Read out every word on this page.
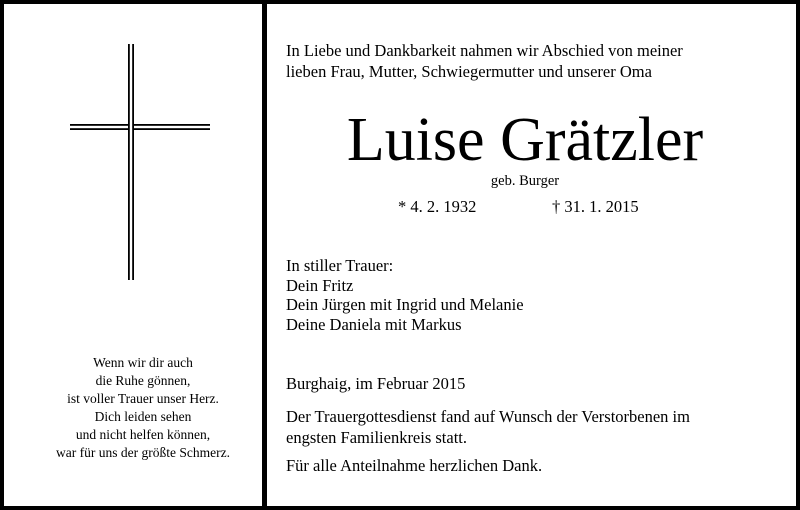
Wenn wir dir auch
die Ruhe gönnen,
ist voller Trauer unser Herz.
Dich leiden sehen
und nicht helfen können,
war für uns der größte Schmerz.
In Liebe und Dankbarkeit nahmen wir Abschied von meiner
lieben Frau, Mutter, Schwiegermutter und unserer Oma
Luise Grätzler
geb. Burger
* 4. 2. 1932	† 31. 1. 2015
In stiller Trauer:
Dein Fritz
Dein Jürgen mit Ingrid und Melanie
Deine Daniela mit Markus
Burghaig, im Februar 2015
Der Trauergottesdienst fand auf Wunsch der Verstorbenen im
engsten Familienkreis statt.
Für alle Anteilnahme herzlichen Dank.
